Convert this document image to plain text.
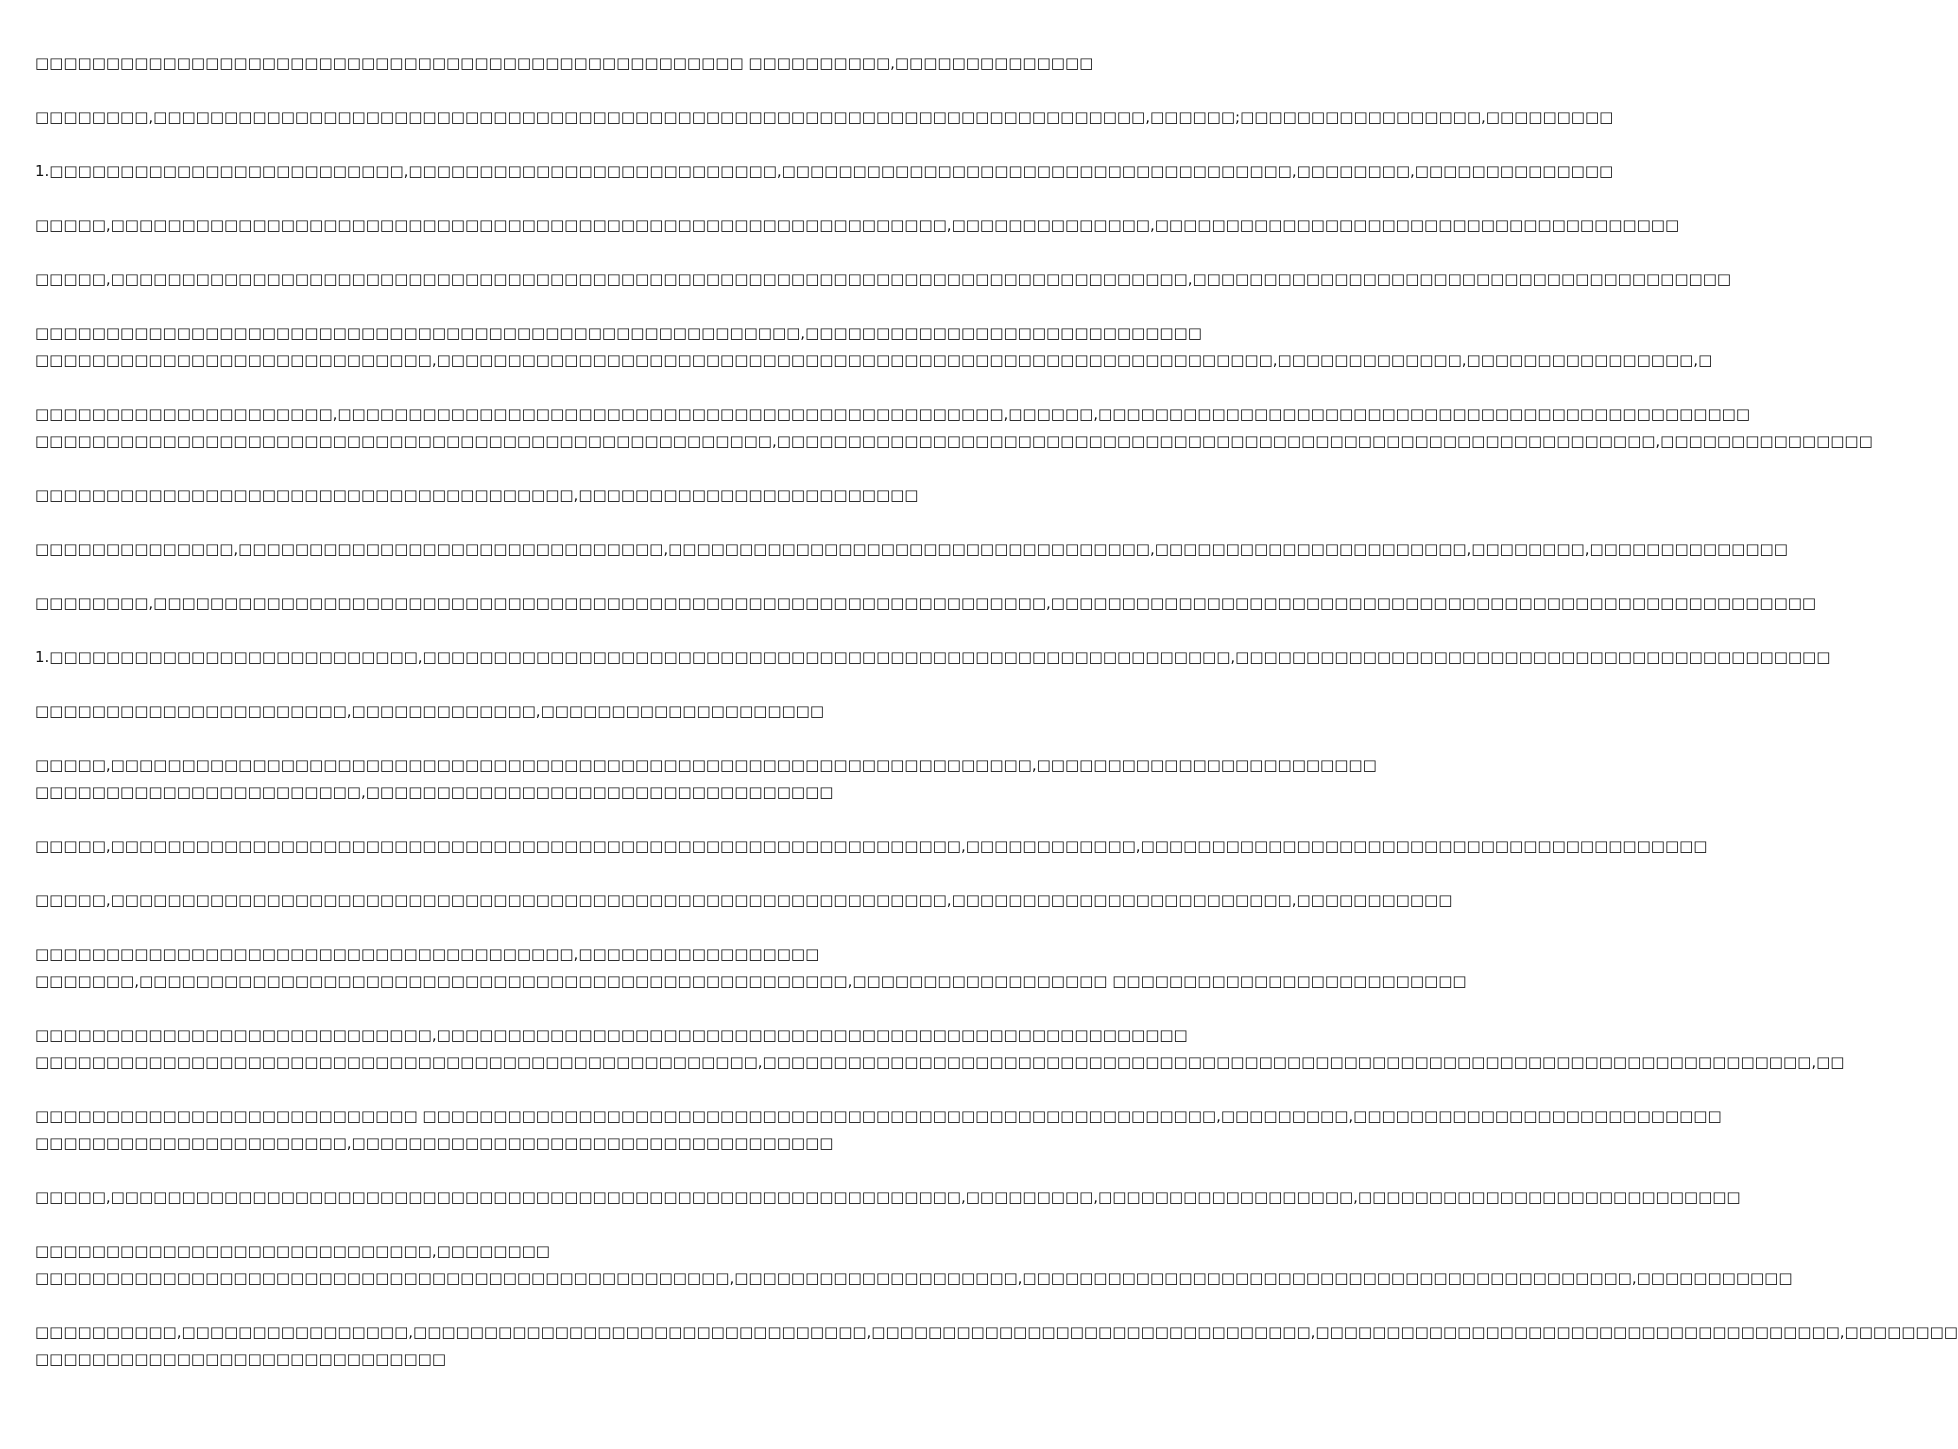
□□□□□□□□□□□□□□□□□□□□□□□□□□□□□□□□□□□□□□□□□□□□□□□□□□ □□□□□□□□□□,□□□□□□□□□□□□□□
□□□□□□□□,□□□□□□□□□□□□□□□□□□□□□□□□□□□□□□□□□□□□□□□□□□□□□□□□□□□□□□□□□□□□□□□□□□□□□□,□□□□□□;□□□□□□□□□□□□□□□□□,□□□□□□□□□
1.□□□□□□□□□□□□□□□□□□□□□□□□□,□□□□□□□□□□□□□□□□□□□□□□□□□□,□□□□□□□□□□□□□□□□□□□□□□□□□□□□□□□□□□□□,□□□□□□□□,□□□□□□□□□□□□□□
□□□□□,□□□□□□□□□□□□□□□□□□□□□□□□□□□□□□□□□□□□□□□□□□□□□□□□□□□□□□□□□□□,□□□□□□□□□□□□□□,□□□□□□□□□□□□□□□□□□□□□□□□□□□□□□□□□□□□□
□□□□□,□□□□□□□□□□□□□□□□□□□□□□□□□□□□□□□□□□□□□□□□□□□□□□□□□□□□□□□□□□□□□□□□□□□□□□□□□□□□,□□□□□□□□□□□□□□□□□□□□□□□□□□□□□□□□□□□□□□
□□□□□□□□□□□□□□□□□□□□□□□□□□□□□□□□□□□□□□□□□□□□□□□□□□□□□□,□□□□□□□□□□□□□□□□□□□□□□□□□□□□
□□□□□□□□□□□□□□□□□□□□□□□□□□□□,□□□□□□□□□□□□□□□□□□□□□□□□□□□□□□□□□□□□□□□□□□□□□□□□□□□□□□□□□□□,□□□□□□□□□□□□□,□□□□□□□□□□□□□□□□,□
□□□□□□□□□□□□□□□□□□□□□,□□□□□□□□□□□□□□□□□□□□□□□□□□□□□□□□□□□□□□□□□□□□□□□,□□□□□□,□□□□□□□□□□□□□□□□□□□□□□□□□□□□□□□□□□□□□□□□□□□□□□
□□□□□□□□□□□□□□□□□□□□□□□□□□□□□□□□□□□□□□□□□□□□□□□□□□□□,□□□□□□□□□□□□□□□□□□□□□□□□□□□□□□□□□□□□□□□□□□□□□□□□□□□□□□□□□□□□□□,□□□□□□□□□□□□□□□
□□□□□□□□□□□□□□□□□□□□□□□□□□□□□□□□□□□□□□,□□□□□□□□□□□□□□□□□□□□□□□□
□□□□□□□□□□□□□□,□□□□□□□□□□□□□□□□□□□□□□□□□□□□□□,□□□□□□□□□□□□□□□□□□□□□□□□□□□□□□□□□□,□□□□□□□□□□□□□□□□□□□□□□,□□□□□□□□,□□□□□□□□□□□□□□
□□□□□□□□,□□□□□□□□□□□□□□□□□□□□□□□□□□□□□□□□□□□□□□□□□□□□□□□□□□□□□□□□□□□□□□□,□□□□□□□□□□□□□□□□□□□□□□□□□□□□□□□□□□□□□□□□□□□□□□□□□□□□□□
1.□□□□□□□□□□□□□□□□□□□□□□□□□□,□□□□□□□□□□□□□□□□□□□□□□□□□□□□□□□□□□□□□□□□□□□□□□□□□□□□□□□□□,□□□□□□□□□□□□□□□□□□□□□□□□□□□□□□□□□□□□□□□□□□
□□□□□□□□□□□□□□□□□□□□□□,□□□□□□□□□□□□□,□□□□□□□□□□□□□□□□□□□□
□□□□□,□□□□□□□□□□□□□□□□□□□□□□□□□□□□□□□□□□□□□□□□□□□□□□□□□□□□□□□□□□□□□□□□□,□□□□□□□□□□□□□□□□□□□□□□□□
□□□□□□□□□□□□□□□□□□□□□□□,□□□□□□□□□□□□□□□□□□□□□□□□□□□□□□□□□
□□□□□,□□□□□□□□□□□□□□□□□□□□□□□□□□□□□□□□□□□□□□□□□□□□□□□□□□□□□□□□□□□□,□□□□□□□□□□□□,□□□□□□□□□□□□□□□□□□□□□□□□□□□□□□□□□□□□□□□□
□□□□□,□□□□□□□□□□□□□□□□□□□□□□□□□□□□□□□□□□□□□□□□□□□□□□□□□□□□□□□□□□□,□□□□□□□□□□□□□□□□□□□□□□□□,□□□□□□□□□□□
□□□□□□□□□□□□□□□□□□□□□□□□□□□□□□□□□□□□□□,□□□□□□□□□□□□□□□□□
□□□□□□□,□□□□□□□□□□□□□□□□□□□□□□□□□□□□□□□□□□□□□□□□□□□□□□□□□□,□□□□□□□□□□□□□□□□□□ □□□□□□□□□□□□□□□□□□□□□□□□□
□□□□□□□□□□□□□□□□□□□□□□□□□□□□,□□□□□□□□□□□□□□□□□□□□□□□□□□□□□□□□□□□□□□□□□□□□□□□□□□□□□
□□□□□□□□□□□□□□□□□□□□□□□□□□□□□□□□□□□□□□□□□□□□□□□□□□□,□□□□□□□□□□□□□□□□□□□□□□□□□□□□□□□□□□□□□□□□□□□□□□□□□□□□□□□□□□□□□□□□□□□□□□□□□□,□□
□□□□□□□□□□□□□□□□□□□□□□□□□□□ □□□□□□□□□□□□□□□□□□□□□□□□□□□□□□□□□□□□□□□□□□□□□□□□□□□□□□□□,□□□□□□□□□,□□□□□□□□□□□□□□□□□□□□□□□□□□
□□□□□□□□□□□□□□□□□□□□□□,□□□□□□□□□□□□□□□□□□□□□□□□□□□□□□□□□□
□□□□□,□□□□□□□□□□□□□□□□□□□□□□□□□□□□□□□□□□□□□□□□□□□□□□□□□□□□□□□□□□□□,□□□□□□□□□,□□□□□□□□□□□□□□□□□□,□□□□□□□□□□□□□□□□□□□□□□□□□□□
□□□□□□□□□□□□□□□□□□□□□□□□□□□□,□□□□□□□□
□□□□□□□□□□□□□□□□□□□□□□□□□□□□□□□□□□□□□□□□□□□□□□□□□,□□□□□□□□□□□□□□□□□□□□,□□□□□□□□□□□□□□□□□□□□□□□□□□□□□□□□□□□□□□□□□□□,□□□□□□□□□□□
□□□□□□□□□□,□□□□□□□□□□□□□□□□,□□□□□□□□□□□□□□□□□□□□□□□□□□□□□□□□,□□□□□□□□□□□□□□□□□□□□□□□□□□□□□□□,□□□□□□□□□□□□□□□□□□□□□□□□□□□□□□□□□□□□□,□□□□□□□□
□□□□□□□□□□□□□□□□□□□□□□□□□□□□□
